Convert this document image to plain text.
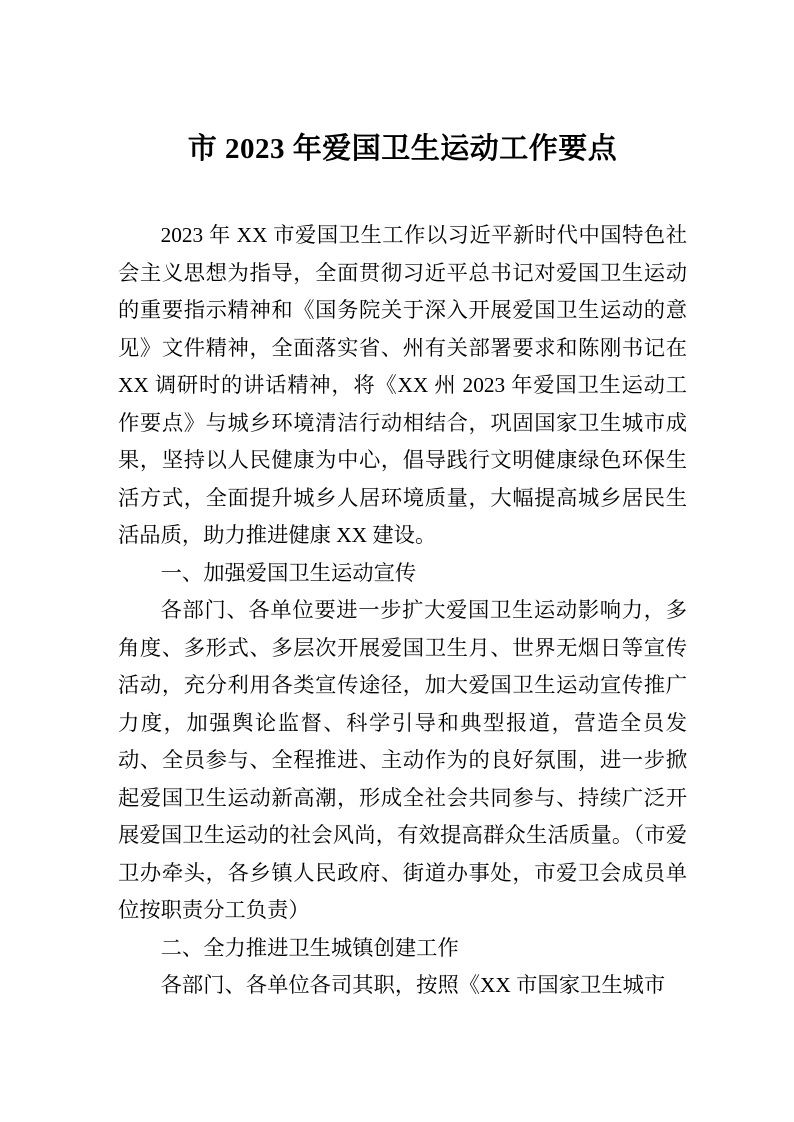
市 2023 年爱国卫生运动工作要点

2023 年 XX 市爱国卫生工作以习近平新时代中国特色社会主义思想为指导，全面贯彻习近平总书记对爱国卫生运动的重要指示精神和《国务院关于深入开展爱国卫生运动的意见》文件精神，全面落实省、州有关部署要求和陈刚书记在 XX 调研时的讲话精神，将《XX 州 2023 年爱国卫生运动工作要点》与城乡环境清洁行动相结合，巩固国家卫生城市成果，坚持以人民健康为中心，倡导践行文明健康绿色环保生活方式，全面提升城乡人居环境质量，大幅提高城乡居民生活品质，助力推进健康 XX 建设。

一、加强爱国卫生运动宣传

各部门、各单位要进一步扩大爱国卫生运动影响力，多角度、多形式、多层次开展爱国卫生月、世界无烟日等宣传活动，充分利用各类宣传途径，加大爱国卫生运动宣传推广力度，加强舆论监督、科学引导和典型报道，营造全员发动、全员参与、全程推进、主动作为的良好氛围，进一步掀起爱国卫生运动新高潮，形成全社会共同参与、持续广泛开展爱国卫生运动的社会风尚，有效提高群众生活质量。（市爱卫办牵头，各乡镇人民政府、街道办事处，市爱卫会成员单位按职责分工负责）

二、全力推进卫生城镇创建工作

各部门、各单位各司其职，按照《XX 市国家卫生城市
